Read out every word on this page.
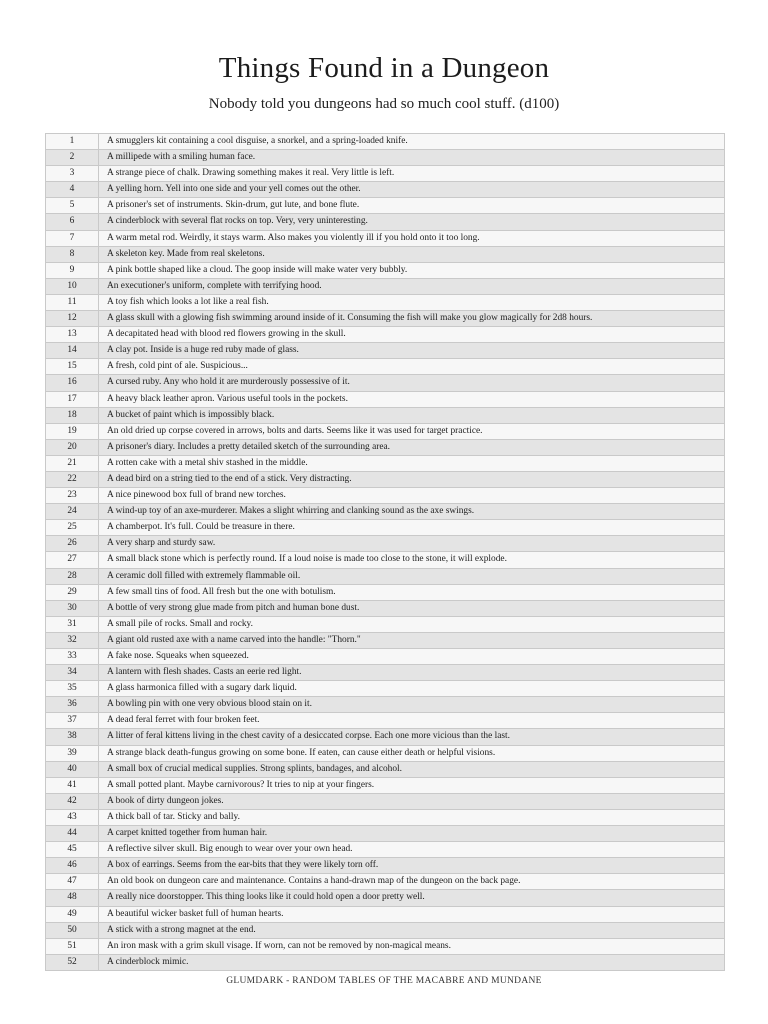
Things Found in a Dungeon

Nobody told you dungeons had so much cool stuff. (d100)

1	A smugglers kit containing a cool disguise, a snorkel, and a spring-loaded knife.
2	A millipede with a smiling human face.
3	A strange piece of chalk. Drawing something makes it real. Very little is left.
4	A yelling horn. Yell into one side and your yell comes out the other.
5	A prisoner's set of instruments. Skin-drum, gut lute, and bone flute.
6	A cinderblock with several flat rocks on top. Very, very uninteresting.
7	A warm metal rod. Weirdly, it stays warm. Also makes you violently ill if you hold onto it too long.
8	A skeleton key. Made from real skeletons.
9	A pink bottle shaped like a cloud. The goop inside will make water very bubbly.
10	An executioner's uniform, complete with terrifying hood.
11	A toy fish which looks a lot like a real fish.
12	A glass skull with a glowing fish swimming around inside of it. Consuming the fish will make you glow magically for 2d8 hours.
13	A decapitated head with blood red flowers growing in the skull.
14	A clay pot. Inside is a huge red ruby made of glass.
15	A fresh, cold pint of ale. Suspicious...
16	A cursed ruby. Any who hold it are murderously possessive of it.
17	A heavy black leather apron. Various useful tools in the pockets.
18	A bucket of paint which is impossibly black.
19	An old dried up corpse covered in arrows, bolts and darts. Seems like it was used for target practice.
20	A prisoner's diary. Includes a pretty detailed sketch of the surrounding area.
21	A rotten cake with a metal shiv stashed in the middle.
22	A dead bird on a string tied to the end of a stick. Very distracting.
23	A nice pinewood box full of brand new torches.
24	A wind-up toy of an axe-murderer. Makes a slight whirring and clanking sound as the axe swings.
25	A chamberpot. It's full. Could be treasure in there.
26	A very sharp and sturdy saw.
27	A small black stone which is perfectly round. If a loud noise is made too close to the stone, it will explode.
28	A ceramic doll filled with extremely flammable oil.
29	A few small tins of food. All fresh but the one with botulism.
30	A bottle of very strong glue made from pitch and human bone dust.
31	A small pile of rocks. Small and rocky.
32	A giant old rusted axe with a name carved into the handle: "Thorn."
33	A fake nose. Squeaks when squeezed.
34	A lantern with flesh shades. Casts an eerie red light.
35	A glass harmonica filled with a sugary dark liquid.
36	A bowling pin with one very obvious blood stain on it.
37	A dead feral ferret with four broken feet.
38	A litter of feral kittens living in the chest cavity of a desiccated corpse. Each one more vicious than the last.
39	A strange black death-fungus growing on some bone. If eaten, can cause either death or helpful visions.
40	A small box of crucial medical supplies. Strong splints, bandages, and alcohol.
41	A small potted plant. Maybe carnivorous? It tries to nip at your fingers.
42	A book of dirty dungeon jokes.
43	A thick ball of tar. Sticky and bally.
44	A carpet knitted together from human hair.
45	A reflective silver skull. Big enough to wear over your own head.
46	A box of earrings. Seems from the ear-bits that they were likely torn off.
47	An old book on dungeon care and maintenance. Contains a hand-drawn map of the dungeon on the back page.
48	A really nice doorstopper. This thing looks like it could hold open a door pretty well.
49	A beautiful wicker basket full of human hearts.
50	A stick with a strong magnet at the end.
51	An iron mask with a grim skull visage. If worn, can not be removed by non-magical means.
52	A cinderblock mimic.
GLUMDARK - RANDOM TABLES OF THE MACABRE AND MUNDANE
